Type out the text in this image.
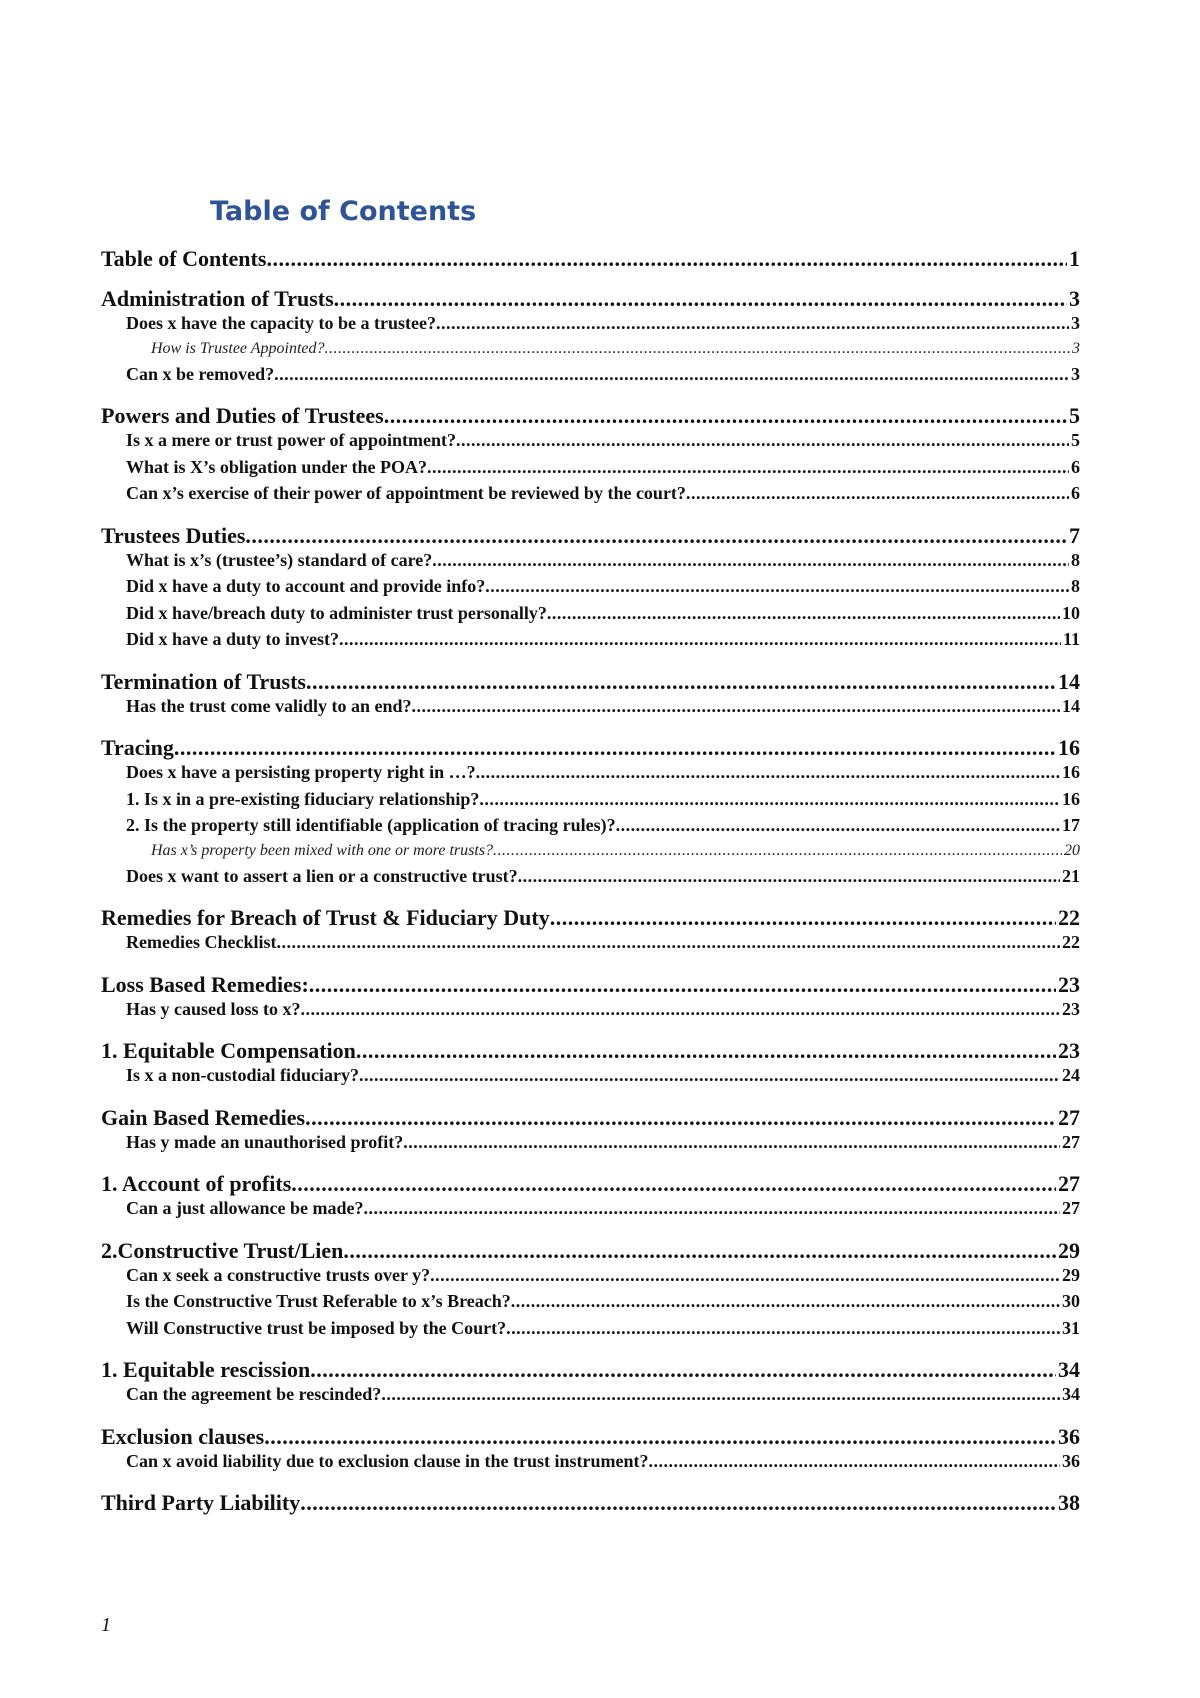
Table of Contents
Table of Contents .....	1
Administration of Trusts .....	3
Does x have the capacity to be a trustee? .....	3
How is Trustee Appointed? .....	3
Can x be removed? .....	3
Powers and Duties of Trustees .....	5
Is x a mere or trust power of appointment? .....	5
What is X’s obligation under the POA? .....	6
Can x’s exercise of their power of appointment be reviewed by the court? .....	6
Trustees Duties .....	7
What is x’s (trustee’s) standard of care? .....	8
Did x have a duty to account and provide info? .....	8
Did x have/breach duty to administer trust personally? .....	10
Did x have a duty to invest? .....	11
Termination of Trusts .....	14
Has the trust come validly to an end? .....	14
Tracing .....	16
Does x have a persisting property right in …? .....	16
1. Is x in a pre-existing fiduciary relationship? .....	16
2. Is the property still identifiable (application of tracing rules)? .....	17
Has x’s property been mixed with one or more trusts? .....	20
Does x want to assert a lien or a constructive trust? .....	21
Remedies for Breach of Trust & Fiduciary Duty .....	22
Remedies Checklist .....	22
Loss Based Remedies: .....	23
Has y caused loss to x? .....	23
1. Equitable Compensation .....	23
Is x a non-custodial fiduciary? .....	24
Gain Based Remedies .....	27
Has y made an unauthorised profit? .....	27
1. Account of profits .....	27
Can a just allowance be made? .....	27
2.Constructive Trust/Lien .....	29
Can x seek a constructive trusts over y? .....	29
Is the Constructive Trust Referable to x’s Breach? .....	30
Will Constructive trust be imposed by the Court? .....	31
1. Equitable rescission .....	34
Can the agreement be rescinded? .....	34
Exclusion clauses .....	36
Can x avoid liability due to exclusion clause in the trust instrument? .....	36
Third Party Liability .....	38
1
